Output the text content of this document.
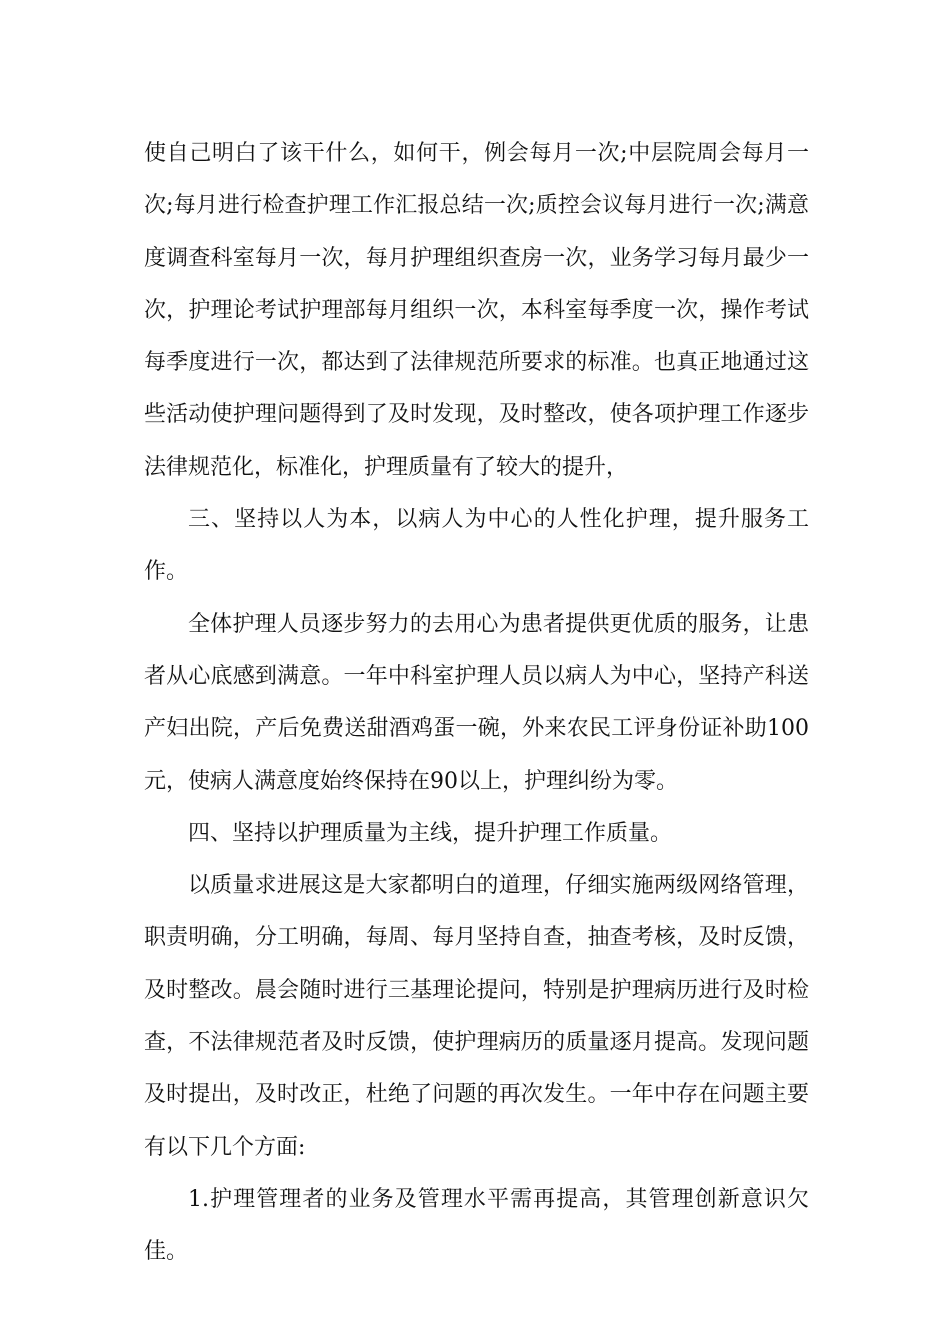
使自己明白了该干什么，如何干，例会每月一次;中层院周会每月一次;每月进行检查护理工作汇报总结一次;质控会议每月进行一次;满意度调查科室每月一次，每月护理组织查房一次，业务学习每月最少一次，护理论考试护理部每月组织一次，本科室每季度一次，操作考试每季度进行一次，都达到了法律规范所要求的标准。也真正地通过这些活动使护理问题得到了及时发现，及时整改，使各项护理工作逐步法律规范化，标准化，护理质量有了较大的提升，

三、坚持以人为本，以病人为中心的人性化护理，提升服务工作。

全体护理人员逐步努力的去用心为患者提供更优质的服务，让患者从心底感到满意。一年中科室护理人员以病人为中心，坚持产科送产妇出院，产后免费送甜酒鸡蛋一碗，外来农民工评身份证补助100元，使病人满意度始终保持在90以上，护理纠纷为零。

四、坚持以护理质量为主线，提升护理工作质量。

以质量求进展这是大家都明白的道理，仔细实施两级网络管理，职责明确，分工明确，每周、每月坚持自查，抽查考核，及时反馈，及时整改。晨会随时进行三基理论提问，特别是护理病历进行及时检查，不法律规范者及时反馈，使护理病历的质量逐月提高。发现问题及时提出，及时改正，杜绝了问题的再次发生。一年中存在问题主要有以下几个方面:

1.护理管理者的业务及管理水平需再提高，其管理创新意识欠佳。
